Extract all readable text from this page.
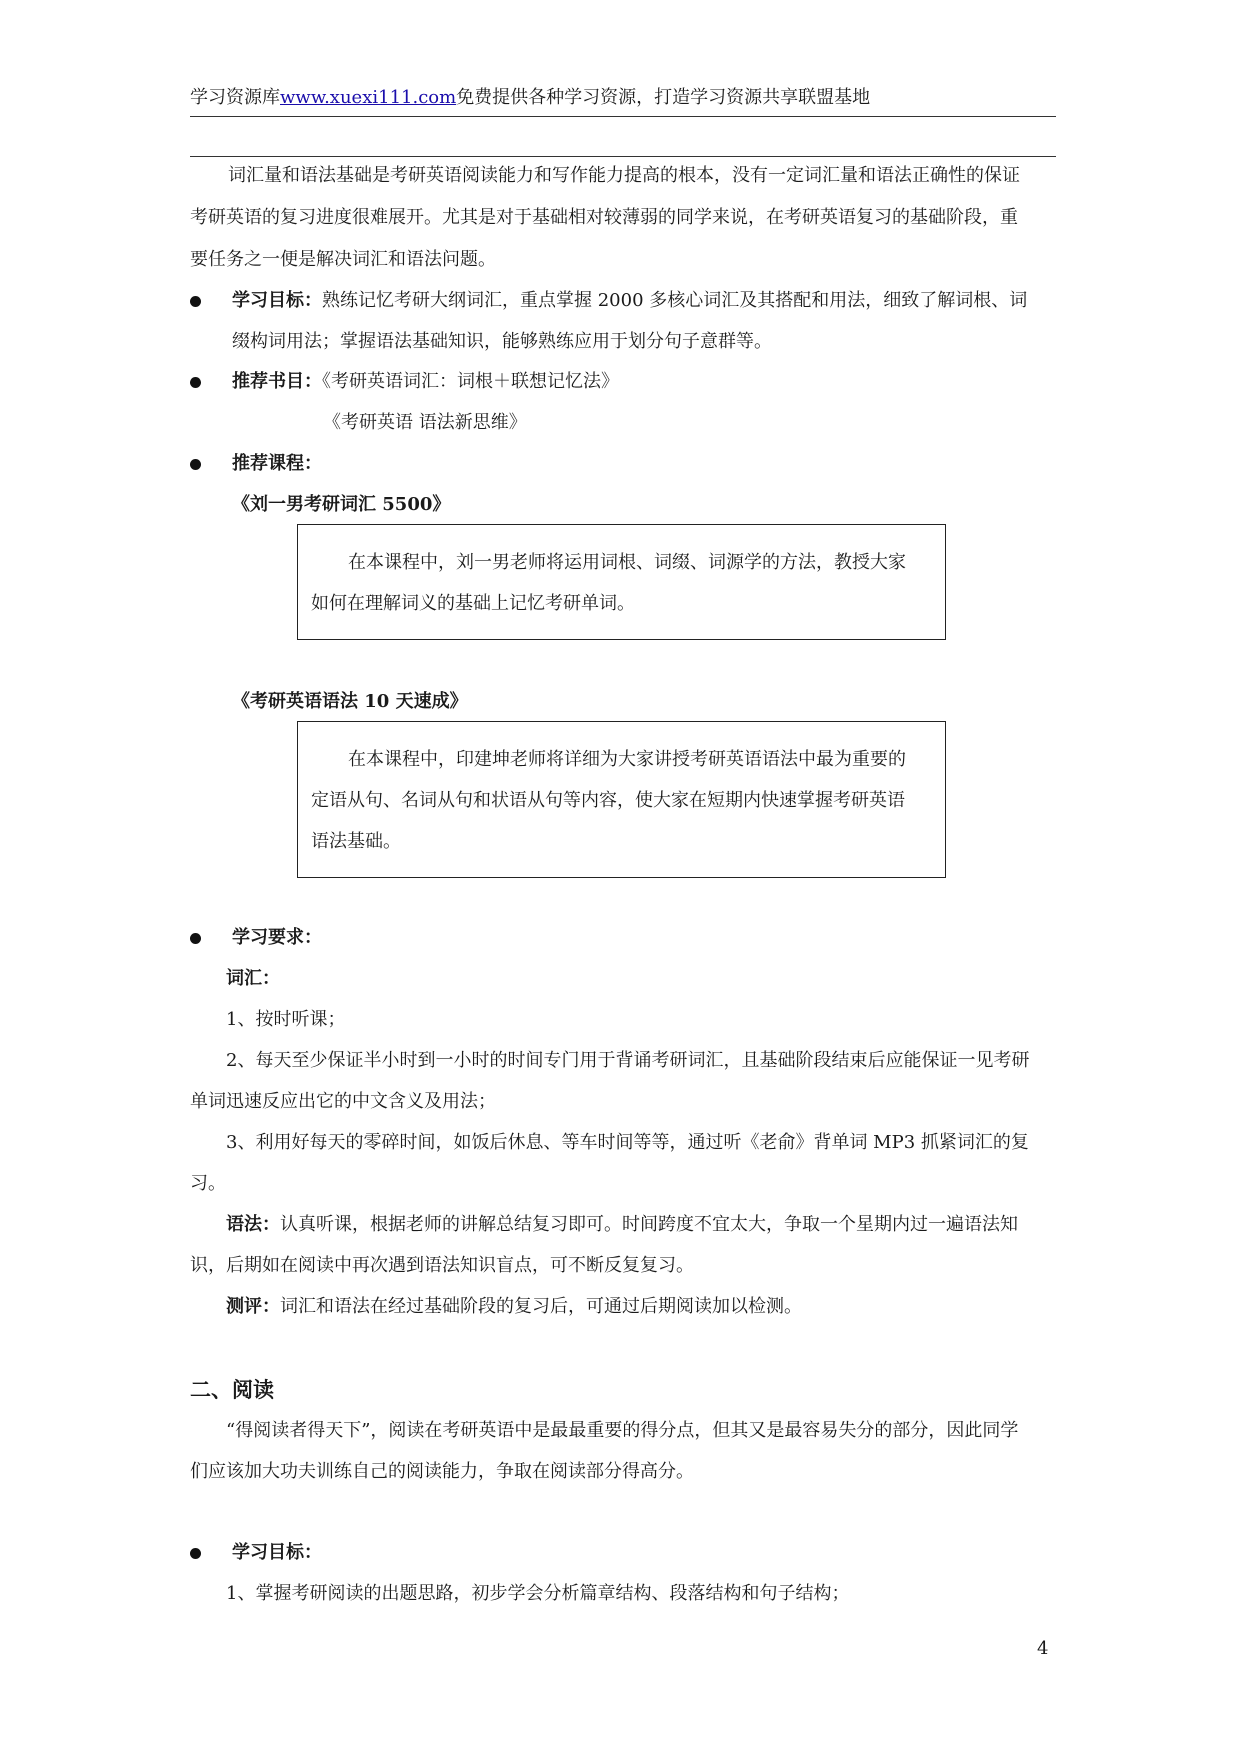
学习资源库www.xuexi111.com免费提供各种学习资源，打造学习资源共享联盟基地
词汇量和语法基础是考研英语阅读能力和写作能力提高的根本，没有一定词汇量和语法正确性的保证
考研英语的复习进度很难展开。尤其是对于基础相对较薄弱的同学来说，在考研英语复习的基础阶段，重
要任务之一便是解决词汇和语法问题。
学习目标：熟练记忆考研大纲词汇，重点掌握 2000 多核心词汇及其搭配和用法，细致了解词根、词
缀构词用法；掌握语法基础知识，能够熟练应用于划分句子意群等。
推荐书目：《考研英语词汇：词根＋联想记忆法》
《考研英语 语法新思维》
推荐课程：
《刘一男考研词汇 5500》
在本课程中，刘一男老师将运用词根、词缀、词源学的方法，教授大家
如何在理解词义的基础上记忆考研单词。
《考研英语语法 10 天速成》
在本课程中，印建坤老师将详细为大家讲授考研英语语法中最为重要的
定语从句、名词从句和状语从句等内容，使大家在短期内快速掌握考研英语
语法基础。
学习要求：
词汇：
1、按时听课；
2、每天至少保证半小时到一小时的时间专门用于背诵考研词汇，且基础阶段结束后应能保证一见考研
单词迅速反应出它的中文含义及用法；
3、利用好每天的零碎时间，如饭后休息、等车时间等等，通过听《老俞》背单词 MP3 抓紧词汇的复
习。
语法：认真听课，根据老师的讲解总结复习即可。时间跨度不宜太大，争取一个星期内过一遍语法知
识，后期如在阅读中再次遇到语法知识盲点，可不断反复复习。
测评：词汇和语法在经过基础阶段的复习后，可通过后期阅读加以检测。
二、阅读
“得阅读者得天下”，阅读在考研英语中是最最重要的得分点，但其又是最容易失分的部分，因此同学
们应该加大功夫训练自己的阅读能力，争取在阅读部分得高分。
学习目标：
1、掌握考研阅读的出题思路，初步学会分析篇章结构、段落结构和句子结构；
4
